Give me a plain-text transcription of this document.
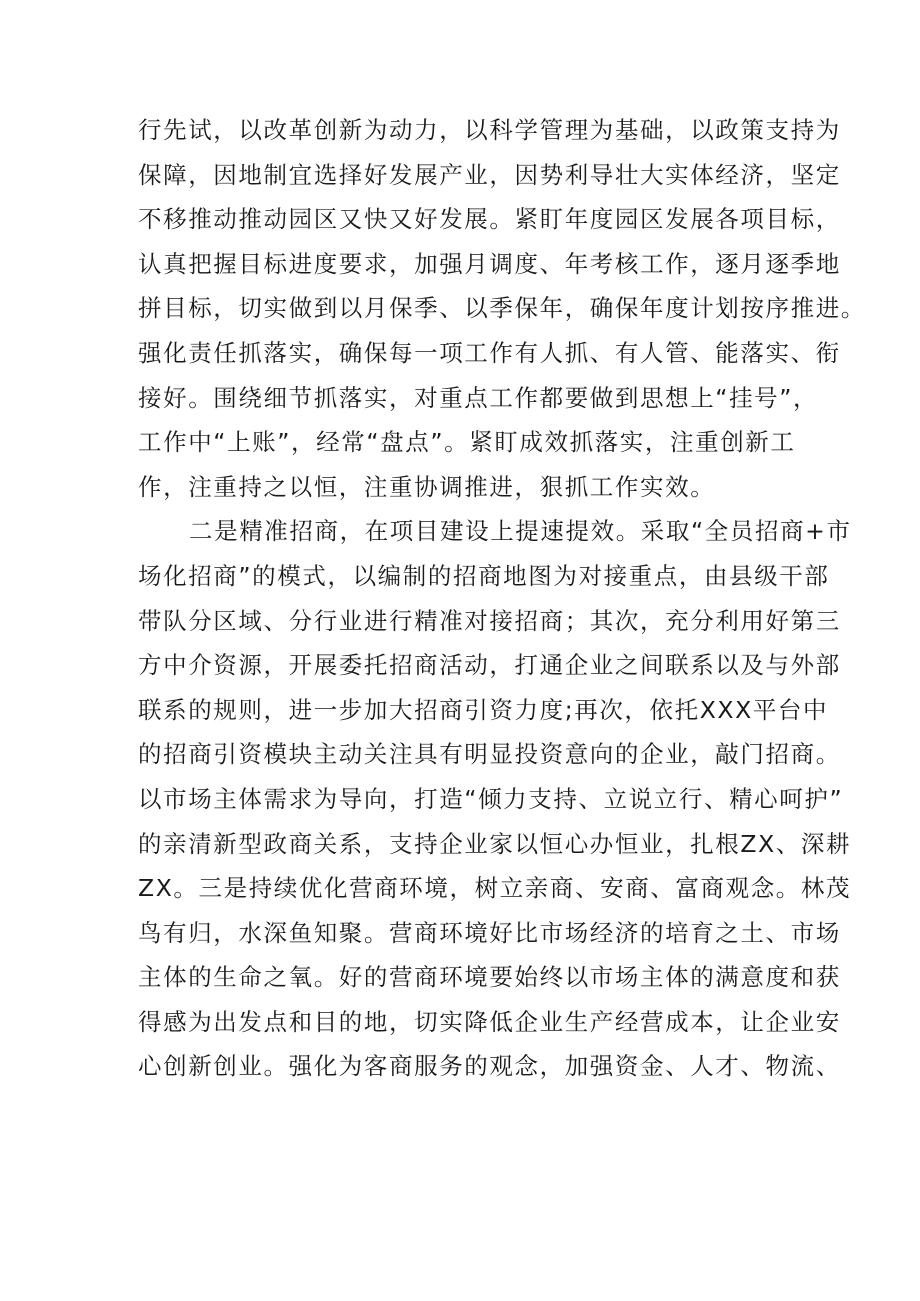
行先试，以改革创新为动力，以科学管理为基础，以政策支持为
保障，因地制宜选择好发展产业，因势利导壮大实体经济，坚定
不移推动推动园区又快又好发展。紧盯年度园区发展各项目标，
认真把握目标进度要求，加强月调度、年考核工作，逐月逐季地
拼目标，切实做到以月保季、以季保年，确保年度计划按序推进。
强化责任抓落实，确保每一项工作有人抓、有人管、能落实、衔
接好。围绕细节抓落实，对重点工作都要做到思想上“挂号”，
工作中“上账”，经常“盘点”。紧盯成效抓落实，注重创新工
作，注重持之以恒，注重协调推进，狠抓工作实效。
二是精准招商，在项目建设上提速提效。采取“全员招商+市
场化招商”的模式，以编制的招商地图为对接重点，由县级干部
带队分区域、分行业进行精准对接招商；其次，充分利用好第三
方中介资源，开展委托招商活动，打通企业之间联系以及与外部
联系的规则，进一步加大招商引资力度;再次，依托XXX平台中
的招商引资模块主动关注具有明显投资意向的企业，敲门招商。
以市场主体需求为导向，打造“倾力支持、立说立行、精心呵护”
的亲清新型政商关系，支持企业家以恒心办恒业，扎根ZX、深耕
ZX。三是持续优化营商环境，树立亲商、安商、富商观念。林茂
鸟有归，水深鱼知聚。营商环境好比市场经济的培育之土、市场
主体的生命之氧。好的营商环境要始终以市场主体的满意度和获
得感为出发点和目的地，切实降低企业生产经营成本，让企业安
心创新创业。强化为客商服务的观念，加强资金、人才、物流、
